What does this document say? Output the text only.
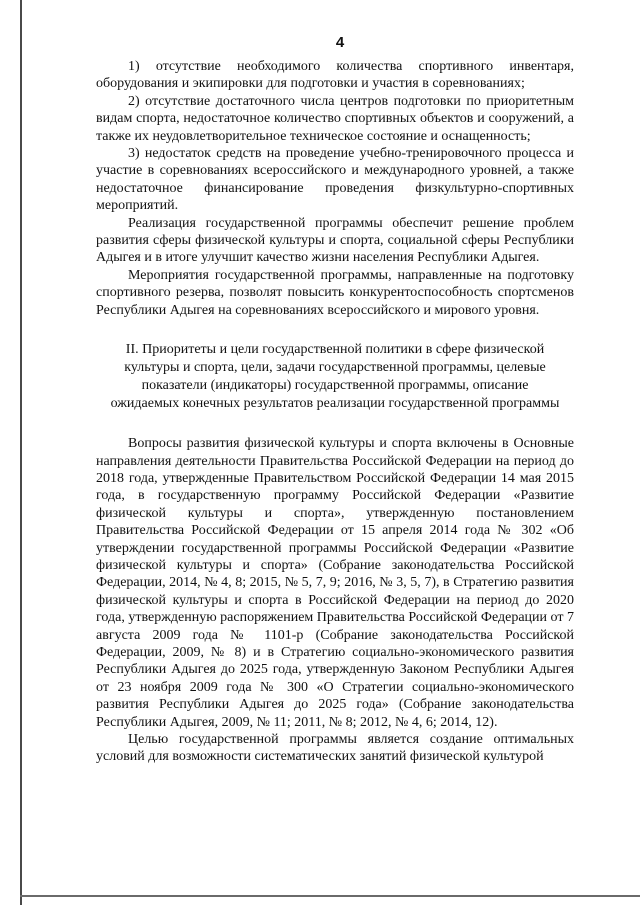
4

1) отсутствие необходимого количества спортивного инвентаря, оборудования и экипировки для подготовки и участия в соревнованиях;

2) отсутствие достаточного числа центров подготовки по приоритетным видам спорта, недостаточное количество спортивных объектов и сооружений, а также их неудовлетворительное техническое состояние и оснащенность;

3) недостаток средств на проведение учебно-тренировочного процесса и участие в соревнованиях всероссийского и международного уровней, а также недостаточное финансирование проведения физкультурно-спортивных мероприятий.

Реализация государственной программы обеспечит решение проблем развития сферы физической культуры и спорта, социальной сферы Республики Адыгея и в итоге улучшит качество жизни населения Республики Адыгея.

Мероприятия государственной программы, направленные на подготовку спортивного резерва, позволят повысить конкурентоспособность спортсменов Республики Адыгея на соревнованиях всероссийского и мирового уровня.

II. Приоритеты и цели государственной политики в сфере физической
культуры и спорта, цели, задачи государственной программы, целевые
показатели (индикаторы) государственной программы, описание
ожидаемых конечных результатов реализации государственной программы

Вопросы развития физической культуры и спорта включены в Основные направления деятельности Правительства Российской Федерации на период до 2018 года, утвержденные Правительством Российской Федерации 14 мая 2015 года, в государственную программу Российской Федерации «Развитие физической культуры и спорта», утвержденную постановлением Правительства Российской Федерации от 15 апреля 2014 года № 302 «Об утверждении государственной программы Российской Федерации «Развитие физической культуры и спорта» (Собрание законодательства Российской Федерации, 2014, № 4, 8; 2015, № 5, 7, 9; 2016, № 3, 5, 7), в Стратегию развития физической культуры и спорта в Российской Федерации на период до 2020 года, утвержденную распоряжением Правительства Российской Федерации от 7 августа 2009 года № 1101-р (Собрание законодательства Российской Федерации, 2009, № 8) и в Стратегию социально-экономического развития Республики Адыгея до 2025 года, утвержденную Законом Республики Адыгея от 23 ноября 2009 года № 300 «О Стратегии социально-экономического развития Республики Адыгея до 2025 года» (Собрание законодательства Республики Адыгея, 2009, № 11; 2011, № 8; 2012, № 4, 6; 2014, 12).

Целью государственной программы является создание оптимальных условий для возможности систематических занятий физической культурой
